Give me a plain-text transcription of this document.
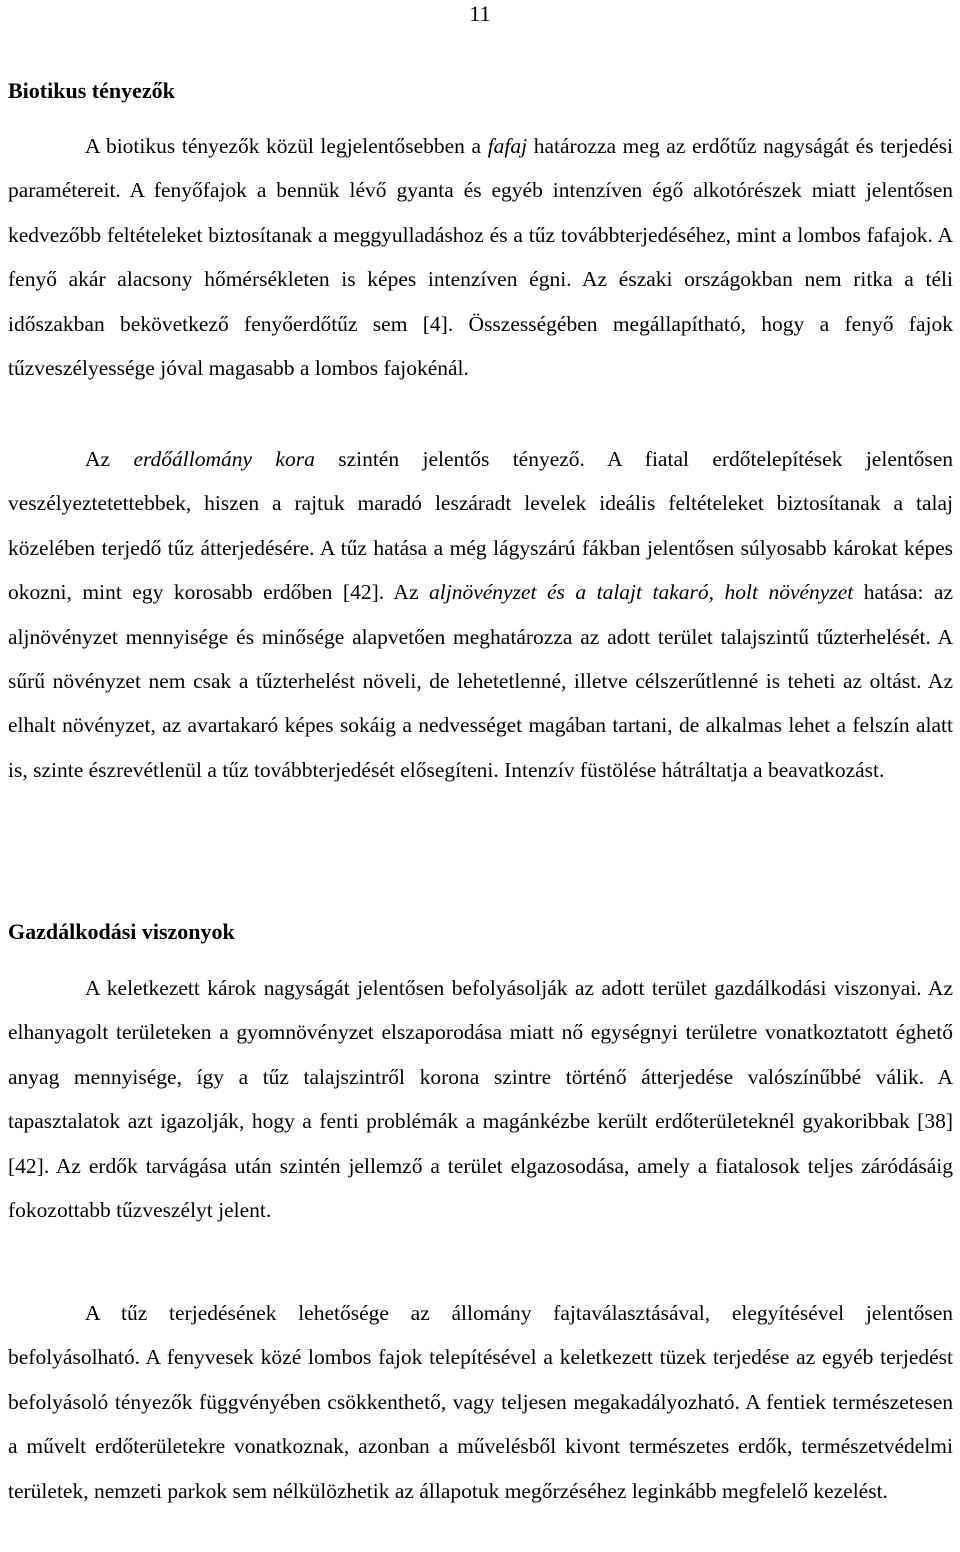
11
Biotikus tényezők

A biotikus tényezők közül legjelentősebben a fafaj határozza meg az erdőtűz nagyságát és terjedési paramétereit. A fenyőfajok a bennük lévő gyanta és egyéb intenzíven égő alkotórészek miatt jelentősen kedvezőbb feltételeket biztosítanak a meggyulladáshoz és a tűz továbbterjedéséhez, mint a lombos fafajok. A fenyő akár alacsony hőmérsékleten is képes intenzíven égni. Az északi országokban nem ritka a téli időszakban bekövetkező fenyőerdőtűz sem [4]. Összességében megállapítható, hogy a fenyő fajok tűzveszélyessége jóval magasabb a lombos fajokénál.

Az erdőállomány kora szintén jelentős tényező. A fiatal erdőtelepítések jelentősen veszélyeztetettebbek, hiszen a rajtuk maradó leszáradt levelek ideális feltételeket biztosítanak a talaj közelében terjedő tűz átterjedésére. A tűz hatása a még lágyszárú fákban jelentősen súlyosabb károkat képes okozni, mint egy korosabb erdőben [42]. Az aljnövényzet és a talajt takaró, holt növényzet hatása: az aljnövényzet mennyisége és minősége alapvetően meghatározza az adott terület talajszintű tűzterhelését. A sűrű növényzet nem csak a tűzterhelést növeli, de lehetetlenné, illetve célszerűtlenné is teheti az oltást. Az elhalt növényzet, az avartakaró képes sokáig a nedvességet magában tartani, de alkalmas lehet a felszín alatt is, szinte észrevétlenül a tűz továbbterjedését elősegíteni. Intenzív füstölése hátráltatja a beavatkozást.

Gazdálkodási viszonyok

A keletkezett károk nagyságát jelentősen befolyásolják az adott terület gazdálkodási viszonyai. Az elhanyagolt területeken a gyomnövényzet elszaporodása miatt nő egységnyi területre vonatkoztatott éghető anyag mennyisége, így a tűz talajszintről korona szintre történő átterjedése valószínűbbé válik. A tapasztalatok azt igazolják, hogy a fenti problémák a magánkézbe került erdőterületeknél gyakoribbak [38] [42]. Az erdők tarvágása után szintén jellemző a terület elgazosodása, amely a fiatalosok teljes záródásáig fokozottabb tűzveszélyt jelent.

A tűz terjedésének lehetősége az állomány fajtaválasztásával, elegyítésével jelentősen befolyásolható. A fenyvesek közé lombos fajok telepítésével a keletkezett tüzek terjedése az egyéb terjedést befolyásoló tényezők függvényében csökkenthető, vagy teljesen megakadályozható. A fentiek természetesen a művelt erdőterületekre vonatkoznak, azonban a művelésből kivont természetes erdők, természetvédelmi területek, nemzeti parkok sem nélkülözhetik az állapotuk megőrzéséhez leginkább megfelelő kezelést.
